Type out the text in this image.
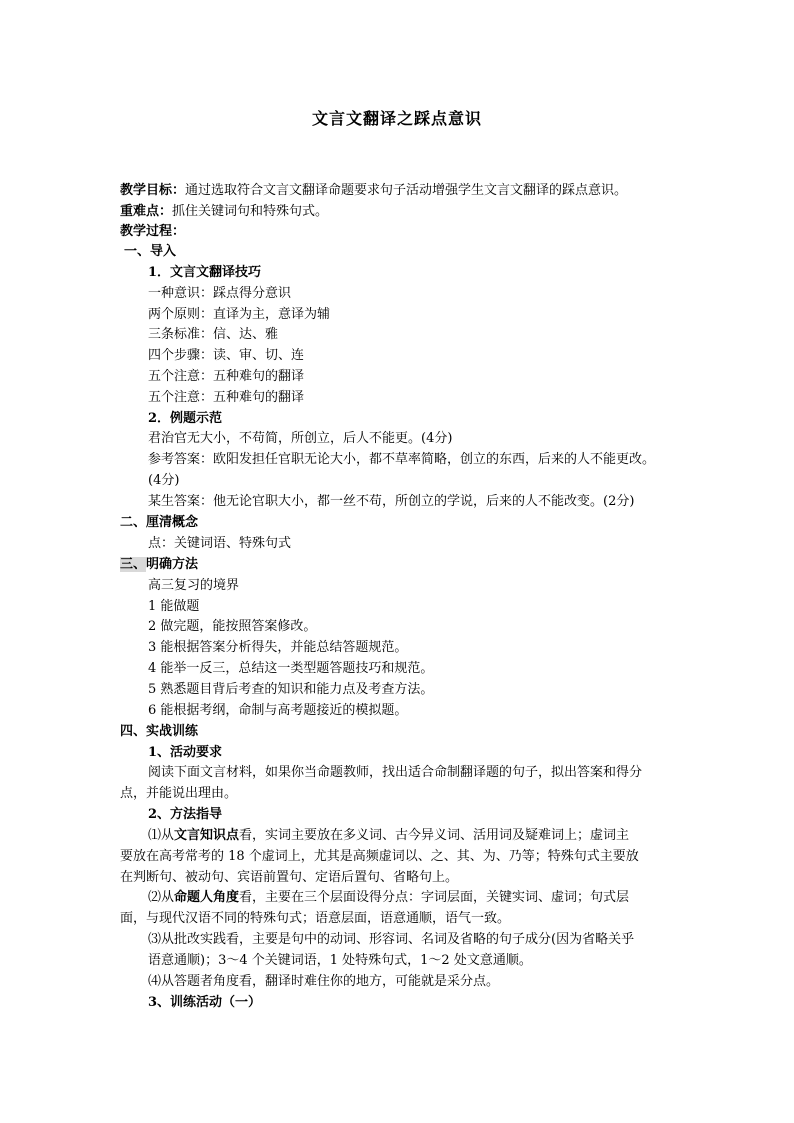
文言文翻译之踩点意识
教学目标：通过选取符合文言文翻译命题要求句子活动增强学生文言文翻译的踩点意识。
重难点：抓住关键词句和特殊句式。
教学过程：
一、导入
1．文言文翻译技巧
一种意识：踩点得分意识
两个原则：直译为主，意译为辅
三条标准：信、达、雅
四个步骤：读、审、切、连
五个注意：五种难句的翻译
五个注意：五种难句的翻译
2．例题示范
君治官无大小，不苟简，所创立，后人不能更。(4分)
参考答案：欧阳发担任官职无论大小，都不草率简略，创立的东西，后来的人不能更改。
(4分)
某生答案：他无论官职大小，都一丝不苟，所创立的学说，后来的人不能改变。(2分)
二、厘清概念
点：关键词语、特殊句式
三、明确方法
高三复习的境界
1 能做题
2 做完题，能按照答案修改。
3 能根据答案分析得失，并能总结答题规范。
4 能举一反三，总结这一类型题答题技巧和规范。
5 熟悉题目背后考查的知识和能力点及考查方法。
6 能根据考纲，命制与高考题接近的模拟题。
四、实战训练
1、活动要求
阅读下面文言材料，如果你当命题教师，找出适合命制翻译题的句子，拟出答案和得分
点，并能说出理由。
2、方法指导
⑴从文言知识点看，实词主要放在多义词、古今异义词、活用词及疑难词上；虚词主
要放在高考常考的 18 个虚词上，尤其是高频虚词以、之、其、为、乃等；特殊句式主要放
在判断句、被动句、宾语前置句、定语后置句、省略句上。
⑵从命题人角度看，主要在三个层面设得分点：字词层面，关键实词、虚词；句式层
面，与现代汉语不同的特殊句式；语意层面，语意通顺，语气一致。
⑶从批改实践看，主要是句中的动词、形容词、名词及省略的句子成分(因为省略关乎
语意通顺)；3～4 个关键词语，1 处特殊句式，1～2 处文意通顺。
⑷从答题者角度看，翻译时难住你的地方，可能就是采分点。
3、训练活动（一）
